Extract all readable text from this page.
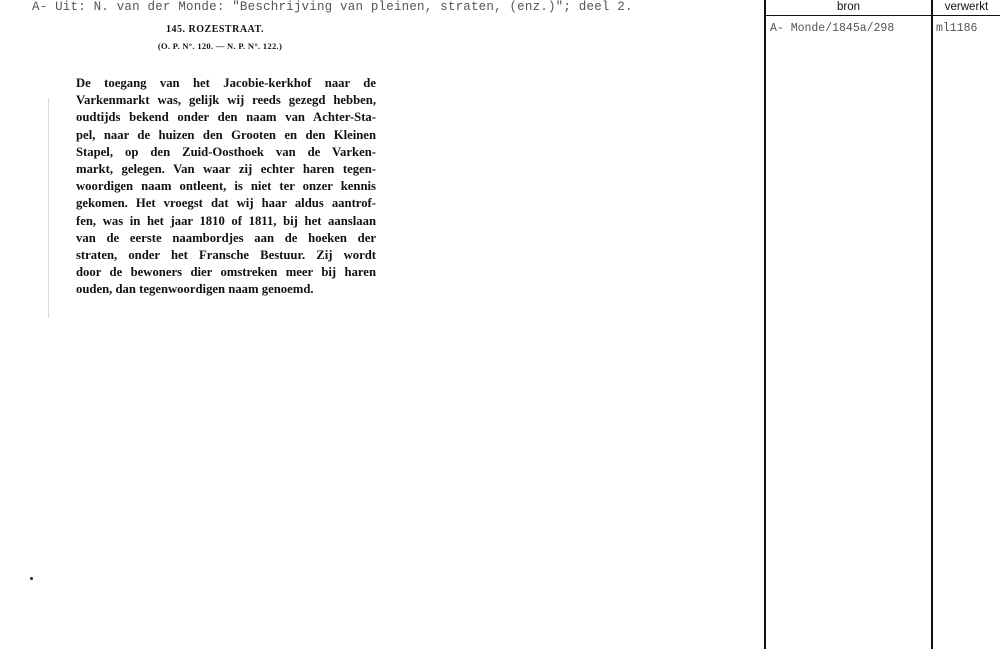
A- Uit: N. van der Monde: "Beschrijving van pleinen, straten, (enz.)"; deel 2.
145. ROZESTRAAT.
(O. P. N°. 120. — N. P. N°. 122.)
De toegang van het Jacobie-kerkhof naar de
Varkenmarkt was, gelijk wij reeds gezegd hebben,
oudtijds bekend onder den naam van Achter-Sta-
pel, naar de huizen den Grooten en den Kleinen
Stapel, op den Zuid-Oosthoek van de Varken-
markt, gelegen. Van waar zij echter haren tegen-
woordigen naam ontleent, is niet ter onzer kennis
gekomen. Het vroegst dat wij haar aldus aantrof-
fen, was in het jaar 1810 of 1811, bij het aanslaan
van de eerste naambordjes aan de hoeken der
straten, onder het Fransche Bestuur. Zij wordt
door de bewoners dier omstreken meer bij haren
ouden, dan tegenwoordigen naam genoemd.
bron	verwerkt
A- Monde/1845a/298	ml1186
